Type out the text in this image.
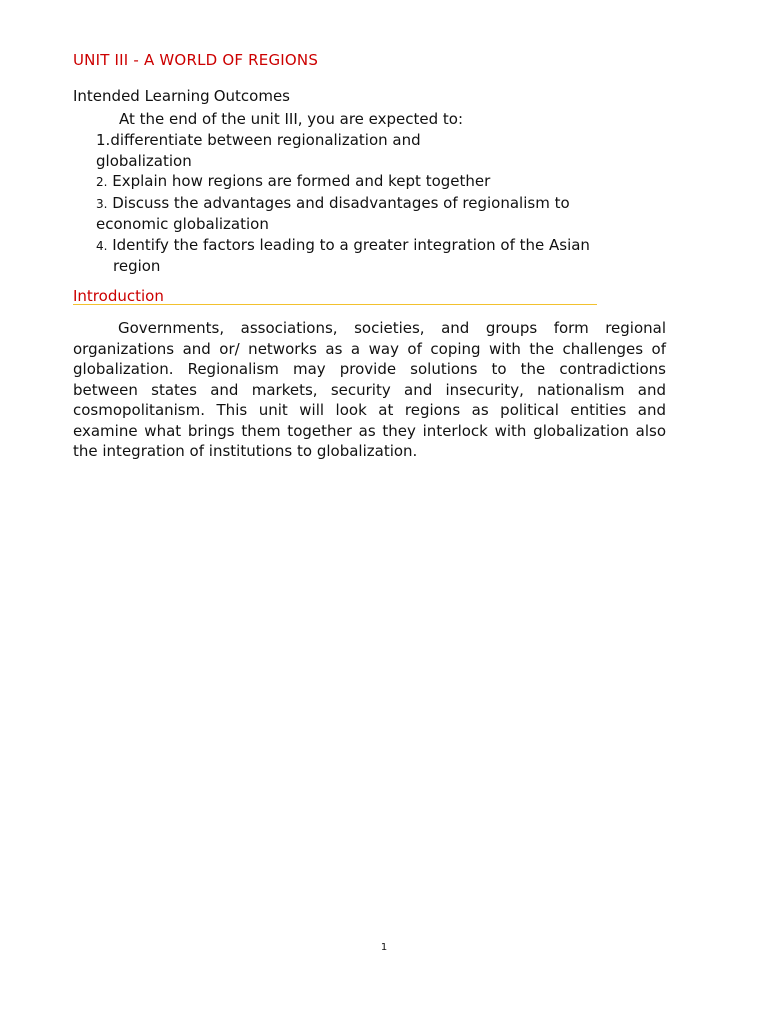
UNIT III - A WORLD OF REGIONS
Intended Learning Outcomes
At the end of the unit III, you are expected to:
1.differentiate between regionalization and
globalization
2. Explain how regions are formed and kept together
3. Discuss the advantages and disadvantages of regionalism to
economic globalization
4. Identify the factors leading to a greater integration of the Asian
region
Introduction

Governments, associations, societies, and groups form regional organizations and or/ networks as a way of coping with the challenges of globalization. Regionalism may provide solutions to the contradictions between states and markets, security and insecurity, nationalism and cosmopolitanism. This unit will look at regions as political entities and examine what brings them together as they interlock with globalization also the integration of institutions to globalization.

1
